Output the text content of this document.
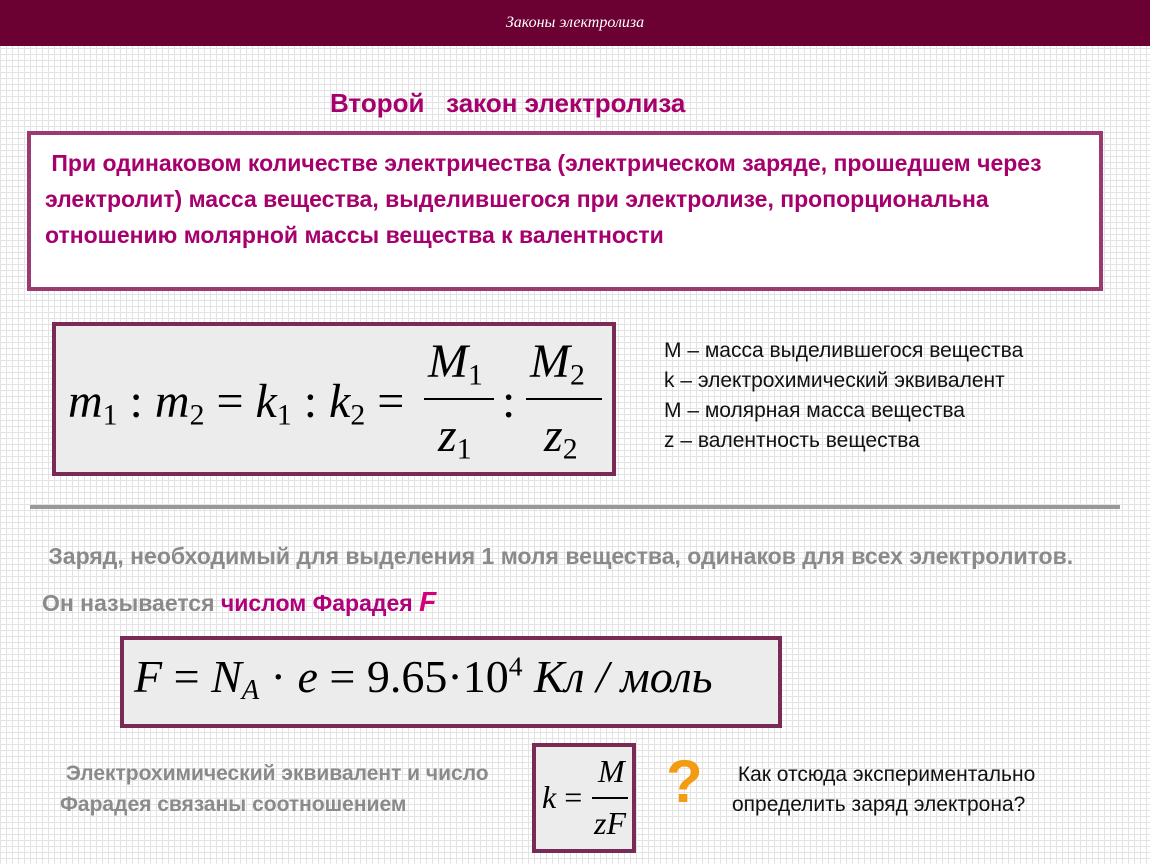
Законы электролиза
Второй   закон электролиза
При одинаковом количестве электричества (электрическом заряде, прошедшем через электролит) масса вещества, выделившегося при электролизе, пропорциональна отношению молярной массы вещества к валентности
$m_1$ : $m_2 = k_1$ : $k_2$ =
$M_1$
$z_1$
:
$M_2$
$z_2$
М – масса выделившегося вещества
k – электрохимический эквивалент
М – молярная масса вещества
z – валентность вещества
Заряд, необходимый для выделения 1 моля вещества, одинаков для всех электролитов. Он называется числом Фарадея F
$F = N_A \cdot e = 9.65\cdot 10^4$ Кл / моль
Электрохимический эквивалент и число Фарадея связаны соотношением	k =
M
zF
? Как отсюда экспериментально определить заряд электрона?
